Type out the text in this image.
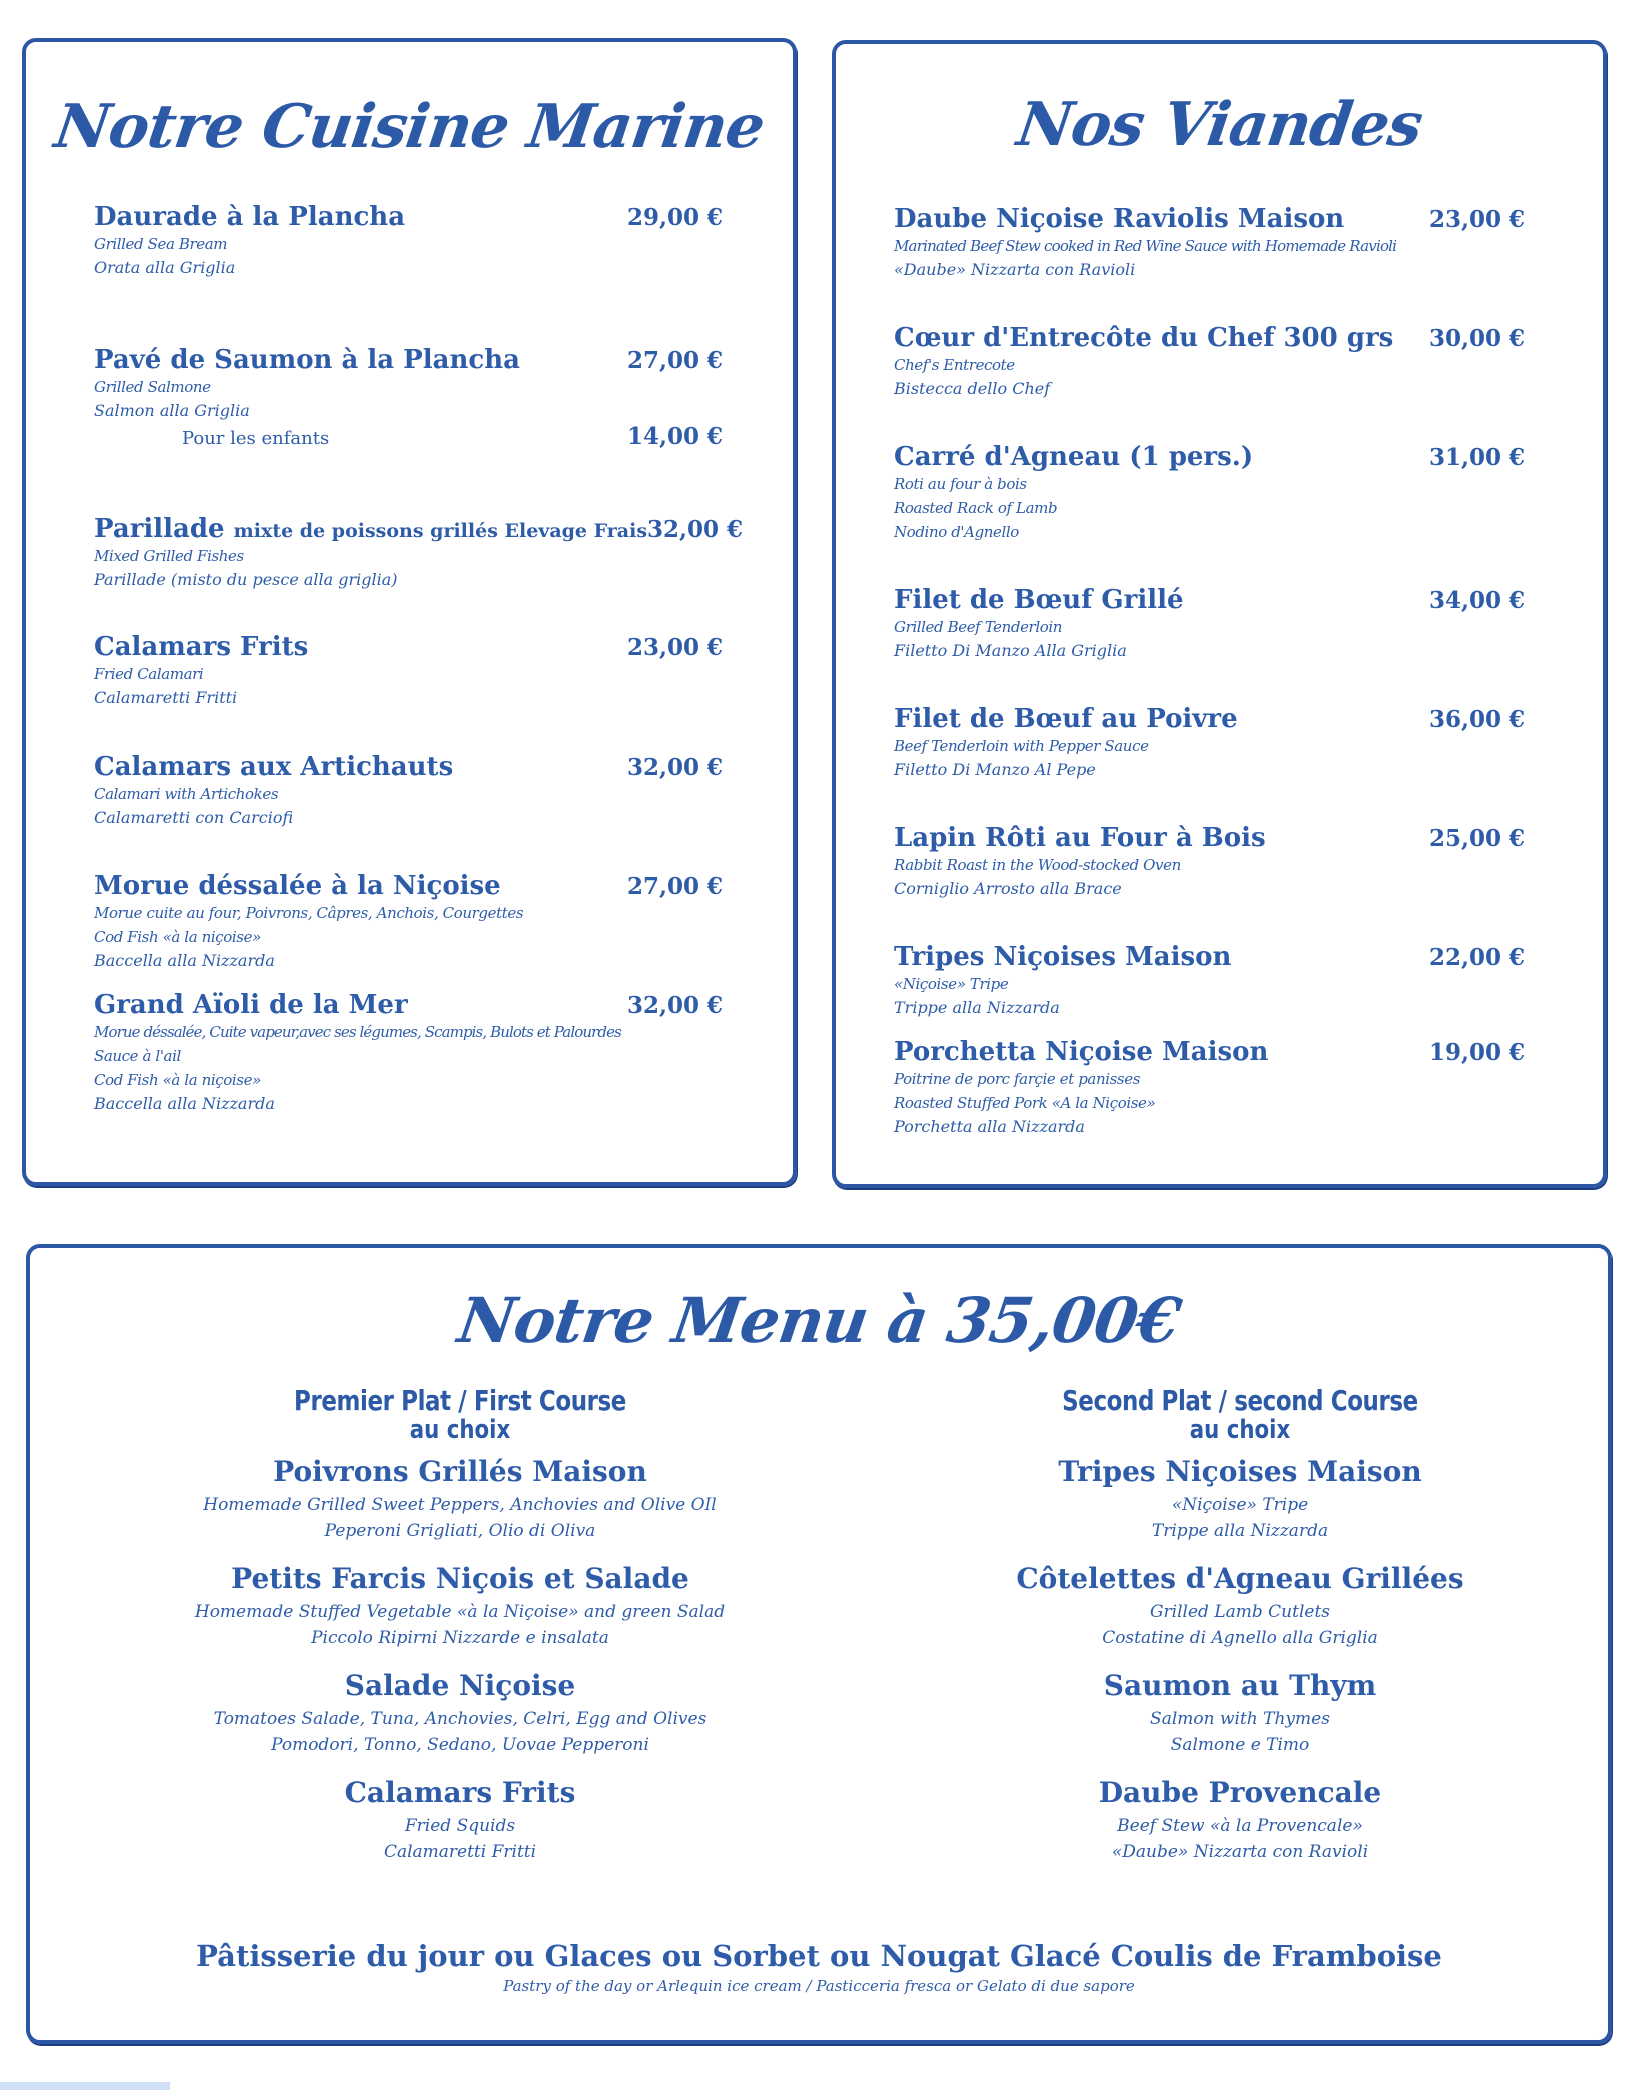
Notre Cuisine Marine
Daurade à la Plancha	29,00 €
Grilled Sea Bream
Orata alla Griglia
Pavé de Saumon à la Plancha	27,00 €
Grilled Salmone
Salmon alla Griglia
Pour les enfants	14,00 €
Parillade mixte de poissons grillés Elevage Frais 32,00 €
Mixed Grilled Fishes
Parillade (misto du pesce alla griglia)
Calamars Frits	23,00 €
Fried Calamari
Calamaretti Fritti
Calamars aux Artichauts	32,00 €
Calamari with Artichokes
Calamaretti con Carciofi
Morue déssalée à la Niçoise	27,00 €
Morue cuite au four, Poivrons, Câpres, Anchois, Courgettes
Cod Fish «à la niçoise»
Baccella alla Nizzarda
Grand Aïoli de la Mer	32,00 €
Morue déssalée, Cuite vapeur,avec ses légumes, Scampis, Bulots et Palourdes
Sauce à l'ail
Cod Fish «à la niçoise»
Baccella alla Nizzarda
Nos Viandes
Daube Niçoise Raviolis Maison	23,00 €
Marinated Beef Stew cooked in Red Wine Sauce with Homemade Ravioli
«Daube» Nizzarta con Ravioli
Cœur d'Entrecôte du Chef 300 grs 30,00 €
Chef's Entrecote
Bistecca dello Chef
Carré d'Agneau (1 pers.)	31,00 €
Roti au four à bois
Roasted Rack of Lamb
Nodino d'Agnello
Filet de Bœuf Grillé	34,00 €
Grilled Beef Tenderloin
Filetto Di Manzo Alla Griglia
Filet de Bœuf au Poivre	36,00 €
Beef Tenderloin with Pepper Sauce
Filetto Di Manzo Al Pepe
Lapin Rôti au Four à Bois	25,00 €
Rabbit Roast in the Wood-stocked Oven
Corniglio Arrosto alla Brace
Tripes Niçoises Maison	22,00 €
«Niçoise» Tripe
Trippe alla Nizzarda
Porchetta Niçoise Maison	19,00 €
Poitrine de porc farçie et panisses
Roasted Stuffed Pork «A la Niçoise»
Porchetta alla Nizzarda
Notre Menu à 35,00€
Premier Plat / First Course
au choix
Poivrons Grillés Maison
Homemade Grilled Sweet Peppers, Anchovies and Olive OIl
Peperoni Grigliati, Olio di Oliva
Petits Farcis Niçois et Salade
Homemade Stuffed Vegetable «à la Niçoise» and green Salad
Piccolo Ripirni Nizzarde e insalata
Salade Niçoise
Tomatoes Salade, Tuna, Anchovies, Celri, Egg and Olives
Pomodori, Tonno, Sedano, Uovae Pepperoni
Calamars Frits
Fried Squids
Calamaretti Fritti
Second Plat / second Course
au choix
Tripes Niçoises Maison
«Niçoise» Tripe
Trippe alla Nizzarda
Côtelettes d'Agneau Grillées
Grilled Lamb Cutlets
Costatine di Agnello alla Griglia
Saumon au Thym
Salmon with Thymes
Salmone e Timo
Daube Provencale
Beef Stew «à la Provencale»
«Daube» Nizzarta con Ravioli
Pâtisserie du jour ou Glaces ou Sorbet ou Nougat Glacé Coulis de Framboise
Pastry of the day or Arlequin ice cream / Pasticceria fresca or Gelato di due sapore
